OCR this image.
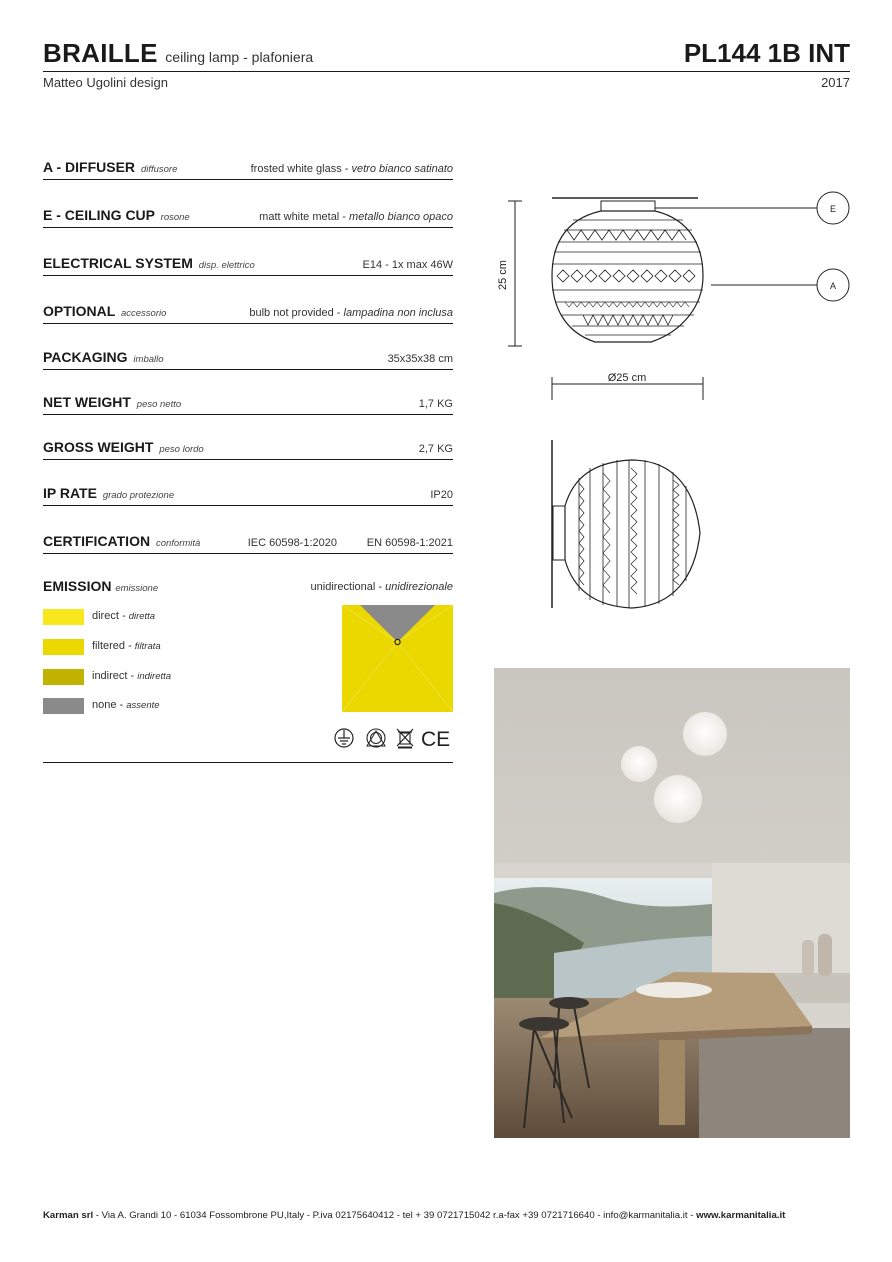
BRAILLE ceiling lamp - plafoniera	PL144 1B INT
Matteo Ugolini design	2017
A - DIFFUSER diffusore	frosted white glass - vetro bianco satinato
E - CEILING CUP rosone	matt white metal - metallo bianco opaco
ELECTRICAL SYSTEM disp. elettrico	E14 - 1x max 46W
OPTIONAL accessorio	bulb not provided - lampadina non inclusa
PACKAGING imballo	35x35x38 cm
NET WEIGHT peso netto	1,7 KG
GROSS WEIGHT peso lordo	2,7 KG
IP RATE grado protezione	IP20
CERTIFICATION conformità	IEC 60598-1:2020	EN 60598-1:2021
EMISSION emissione	unidirectional - unidirezionale
direct - diretta
filtered - filtrata
indirect - indiretta
none - assente
CE
25 cm
Ø25 cm
E
A
Karman srl - Via A. Grandi 10 - 61034 Fossombrone PU,Italy - P.iva 02175640412 - tel + 39 0721715042 r.a-fax +39 0721716640 - info@karmanitalia.it - www.karmanitalia.it
